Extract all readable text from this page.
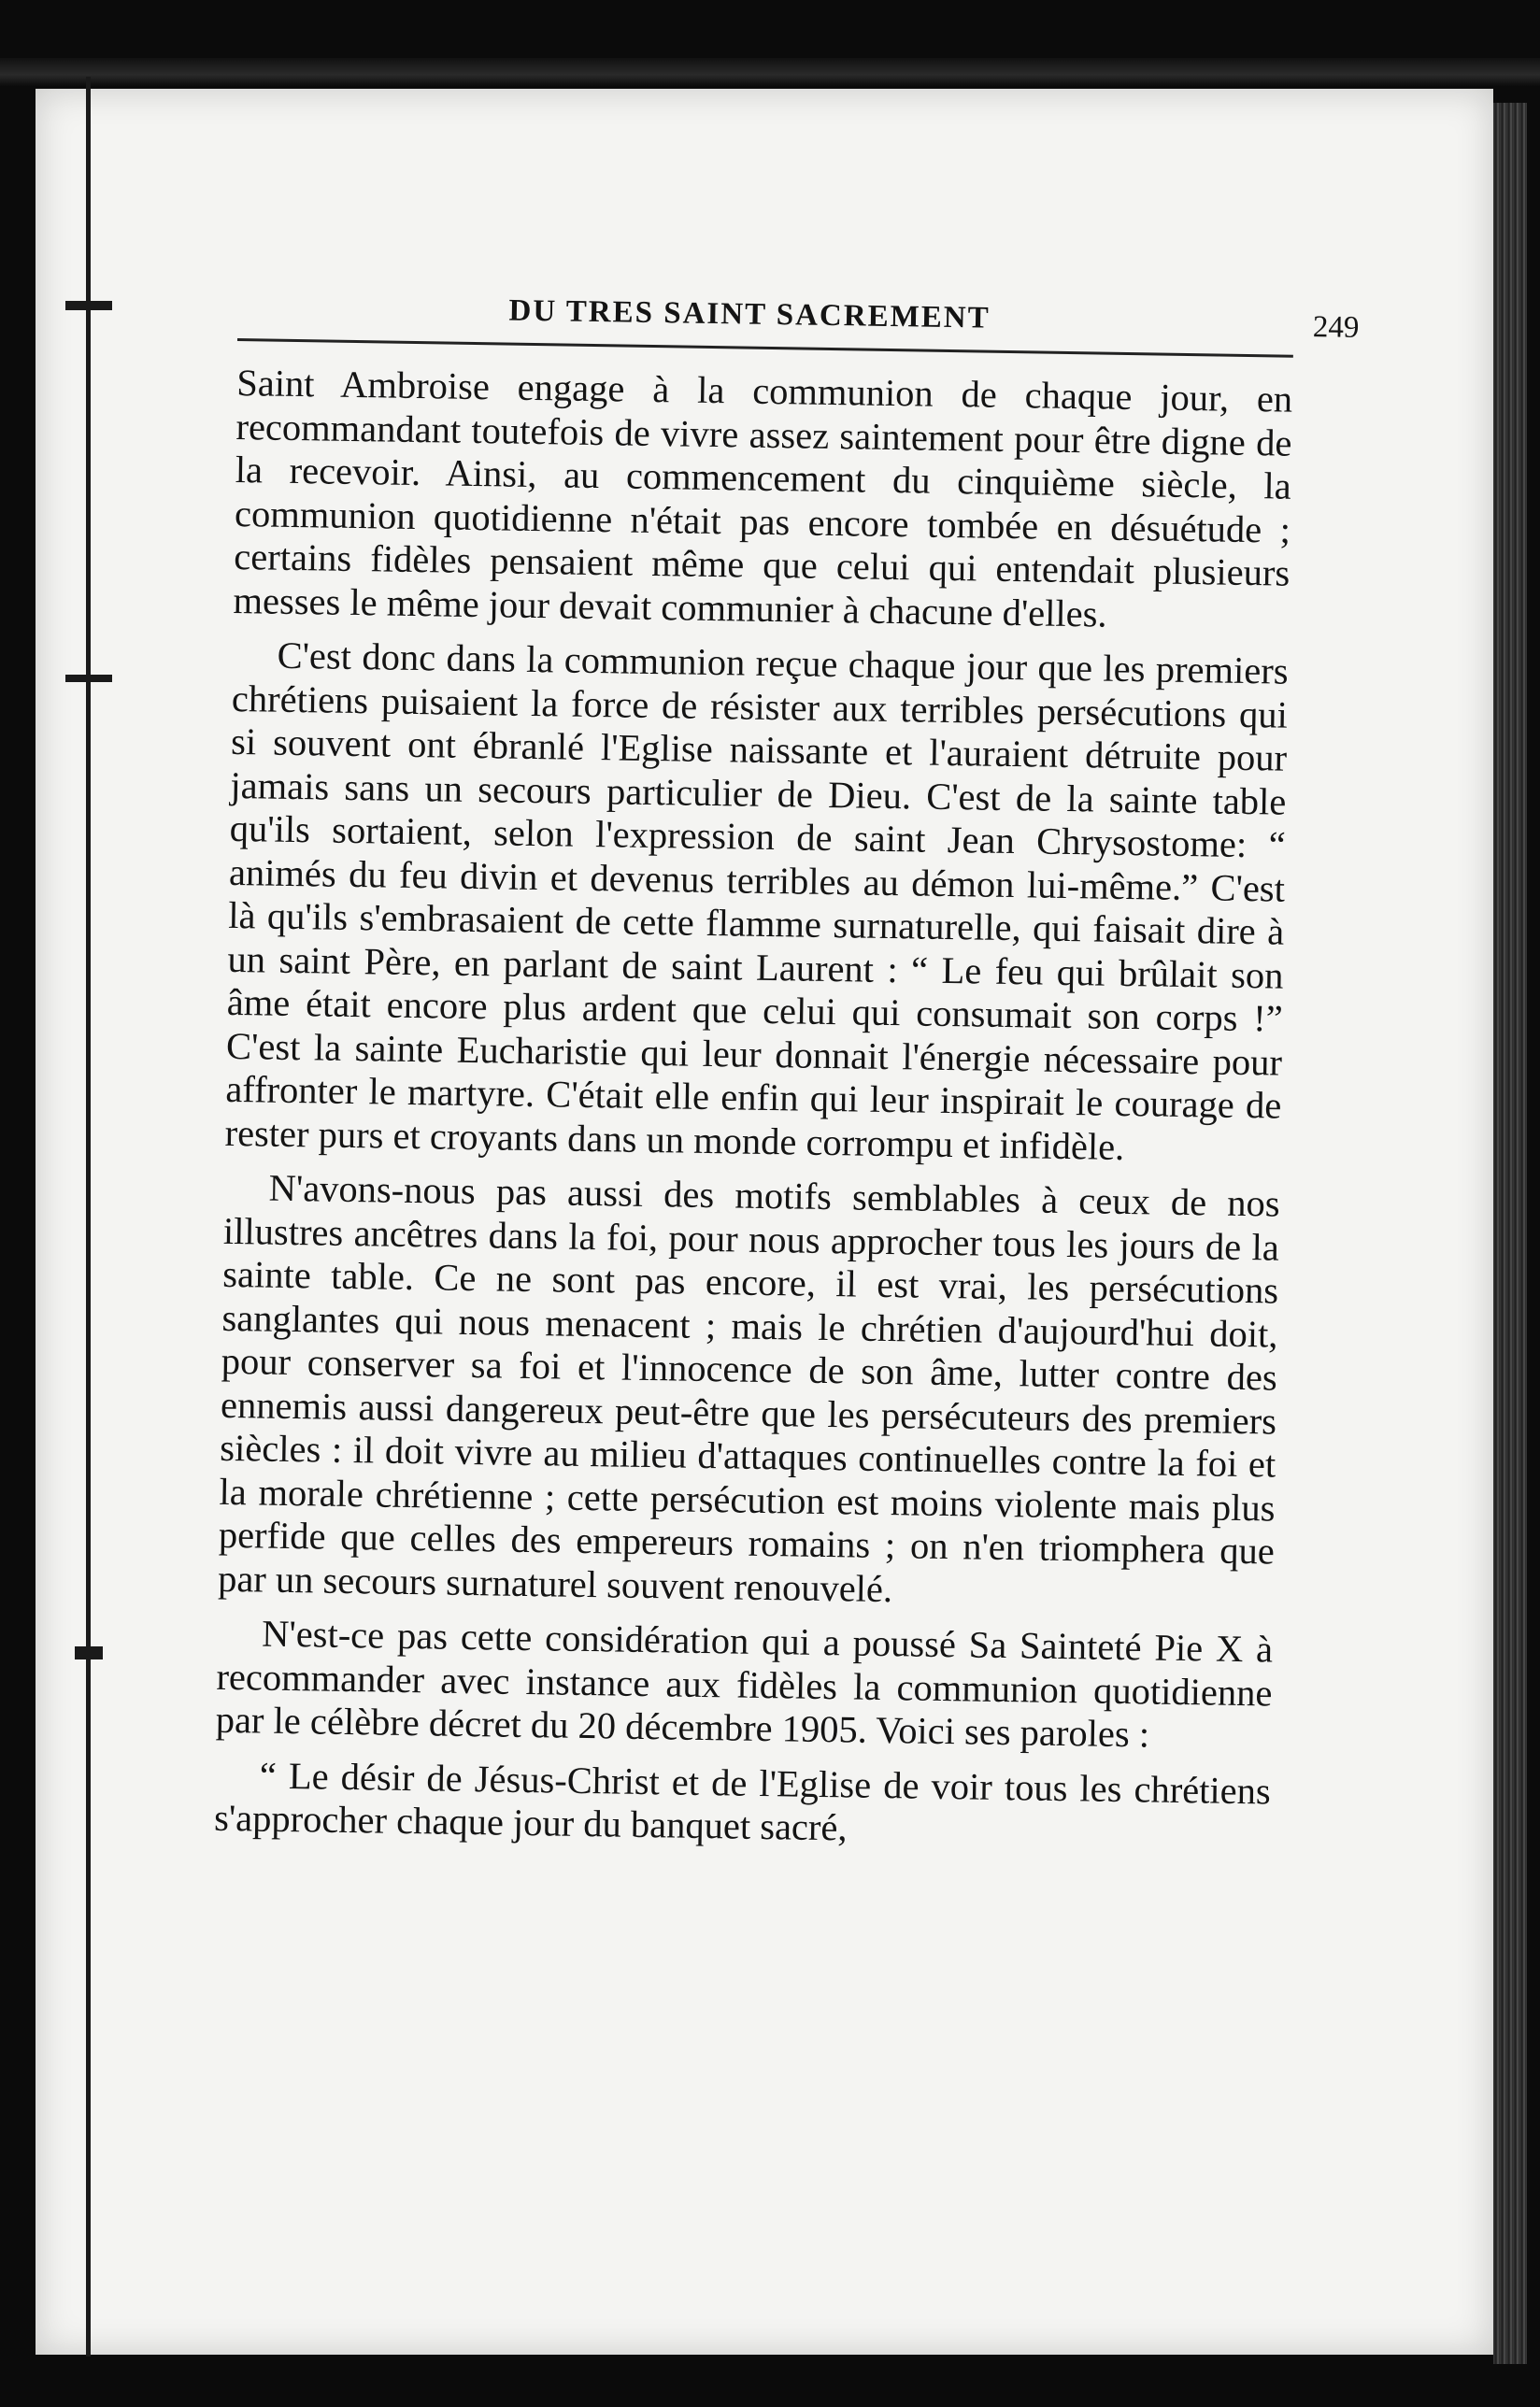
DU TRES SAINT SACREMENT	249

Saint Ambroise engage à la communion de chaque jour, en recommandant toutefois de vivre assez saintement pour être digne de la recevoir. Ainsi, au commencement du cinquième siècle, la communion quotidienne n'était pas encore tombée en désuétude ; certains fidèles pensaient même que celui qui entendait plusieurs messes le même jour devait communier à chacune d'elles.

C'est donc dans la communion reçue chaque jour que les premiers chrétiens puisaient la force de résister aux terribles persécutions qui si souvent ont ébranlé l'Eglise naissante et l'auraient détruite pour jamais sans un secours particulier de Dieu. C'est de la sainte table qu'ils sortaient, selon l'expression de saint Jean Chrysostome: “ animés du feu divin et devenus terribles au démon lui-même.” C'est là qu'ils s'embrasaient de cette flamme surnaturelle, qui faisait dire à un saint Père, en parlant de saint Laurent : “ Le feu qui brûlait son âme était encore plus ardent que celui qui consumait son corps !” C'est la sainte Eucharistie qui leur donnait l'énergie nécessaire pour affronter le martyre. C'était elle enfin qui leur inspirait le courage de rester purs et croyants dans un monde corrompu et infidèle.

N'avons-nous pas aussi des motifs semblables à ceux de nos illustres ancêtres dans la foi, pour nous approcher tous les jours de la sainte table. Ce ne sont pas encore, il est vrai, les persécutions sanglantes qui nous menacent ; mais le chrétien d'aujourd'hui doit, pour conserver sa foi et l'innocence de son âme, lutter contre des ennemis aussi dangereux peut-être que les persécuteurs des premiers siècles : il doit vivre au milieu d'attaques continuelles contre la foi et la morale chrétienne ; cette persécution est moins violente mais plus perfide que celles des empereurs romains ; on n'en triomphera que par un secours surnaturel souvent renouvelé.

N'est-ce pas cette considération qui a poussé Sa Sainteté Pie X à recommander avec instance aux fidèles la communion quotidienne par le célèbre décret du 20 décembre 1905. Voici ses paroles :

“ Le désir de Jésus-Christ et de l'Eglise de voir tous les chrétiens s'approcher chaque jour du banquet sacré,
